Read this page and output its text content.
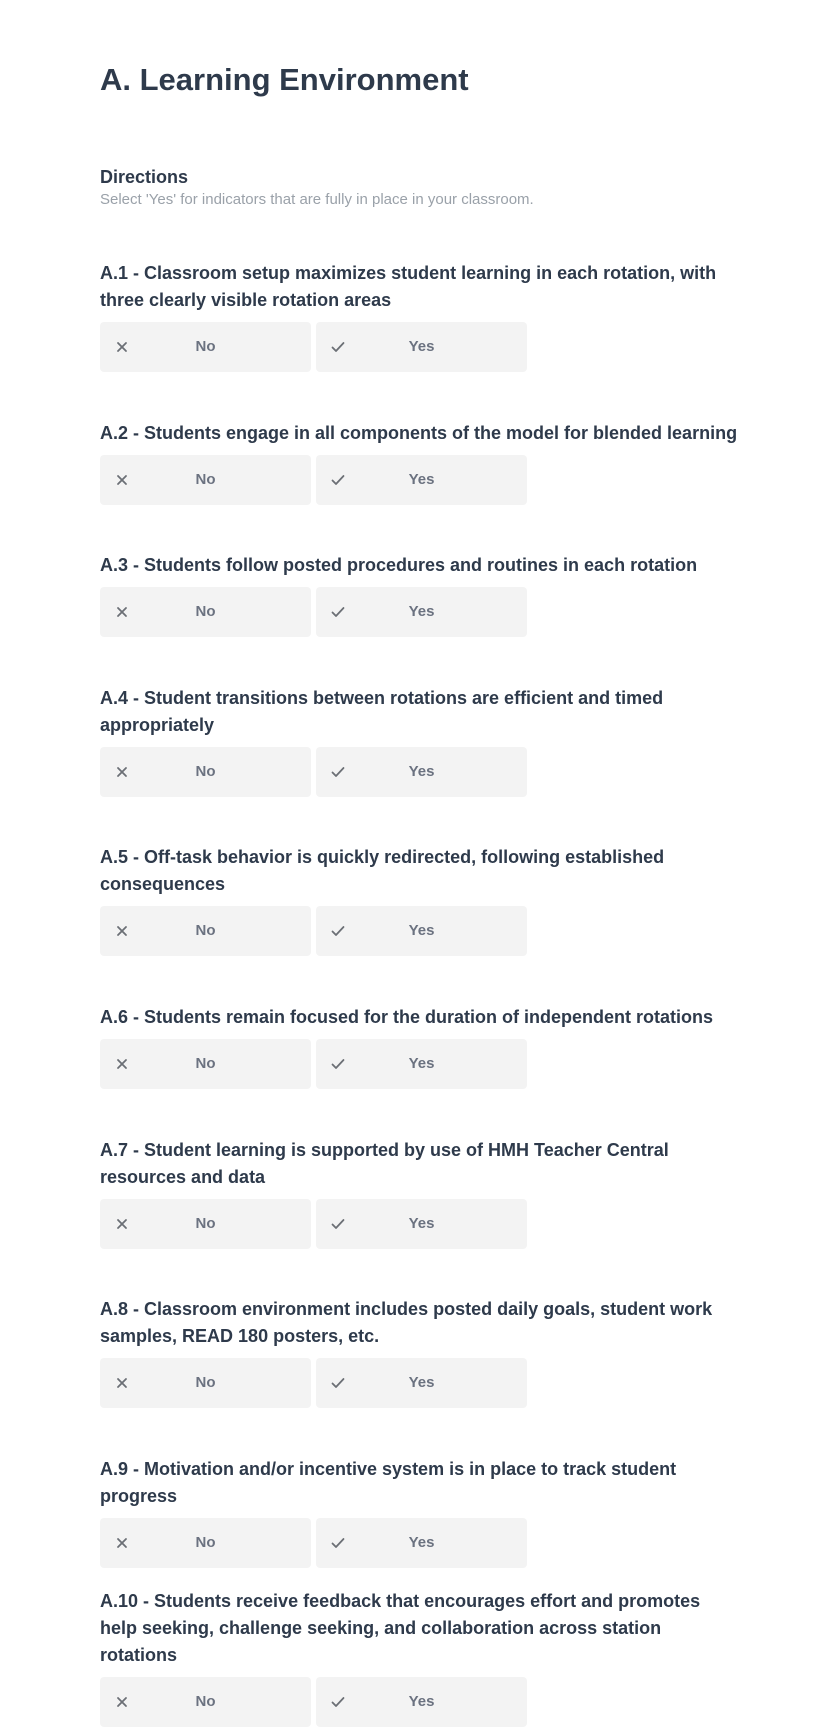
A. Learning Environment
Directions
Select 'Yes' for indicators that are fully in place in your classroom.

A.1 - Classroom setup maximizes student learning in each rotation, with three clearly visible rotation areas

No	Yes

A.2 - Students engage in all components of the model for blended learning

No	Yes

A.3 - Students follow posted procedures and routines in each rotation

No	Yes

A.4 - Student transitions between rotations are efficient and timed appropriately

No	Yes

A.5 - Off-task behavior is quickly redirected, following established consequences

No	Yes

A.6 - Students remain focused for the duration of independent rotations

No	Yes

A.7 - Student learning is supported by use of HMH Teacher Central resources and data

No	Yes

A.8 - Classroom environment includes posted daily goals, student work samples, READ 180 posters, etc.

No	Yes

A.9 - Motivation and/or incentive system is in place to track student progress

No	Yes

A.10 - Students receive feedback that encourages effort and promotes help seeking, challenge seeking, and collaboration across station rotations

No	Yes
